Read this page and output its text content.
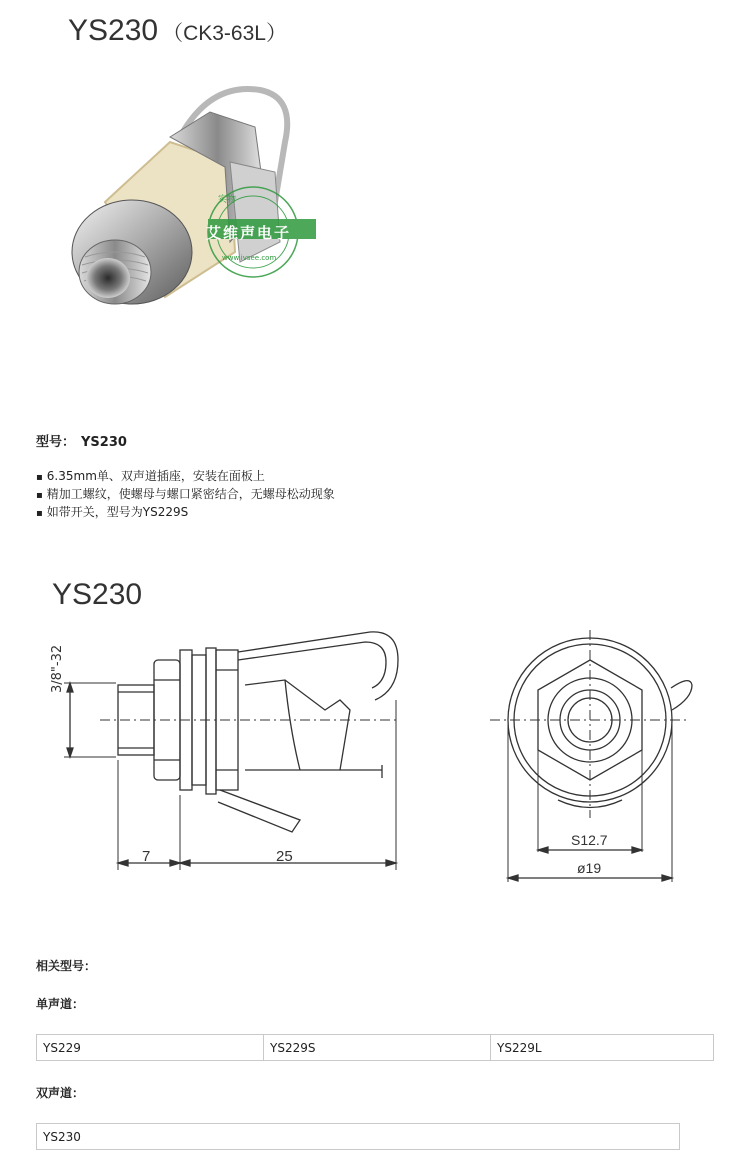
YS230 （CK3-63L）
艾维声电子
实物
www.ivsee.com
型号： YS230
▪ 6.35mm单、双声道插座，安装在面板上
▪ 精加工螺纹，使螺母与螺口紧密结合，无螺母松动现象
▪ 如带开关，型号为YS229S
YS230
3/8"-32
7	25
S12.7
ø19
相关型号：
单声道：
YS229	YS229S	YS229L
双声道：
YS230
